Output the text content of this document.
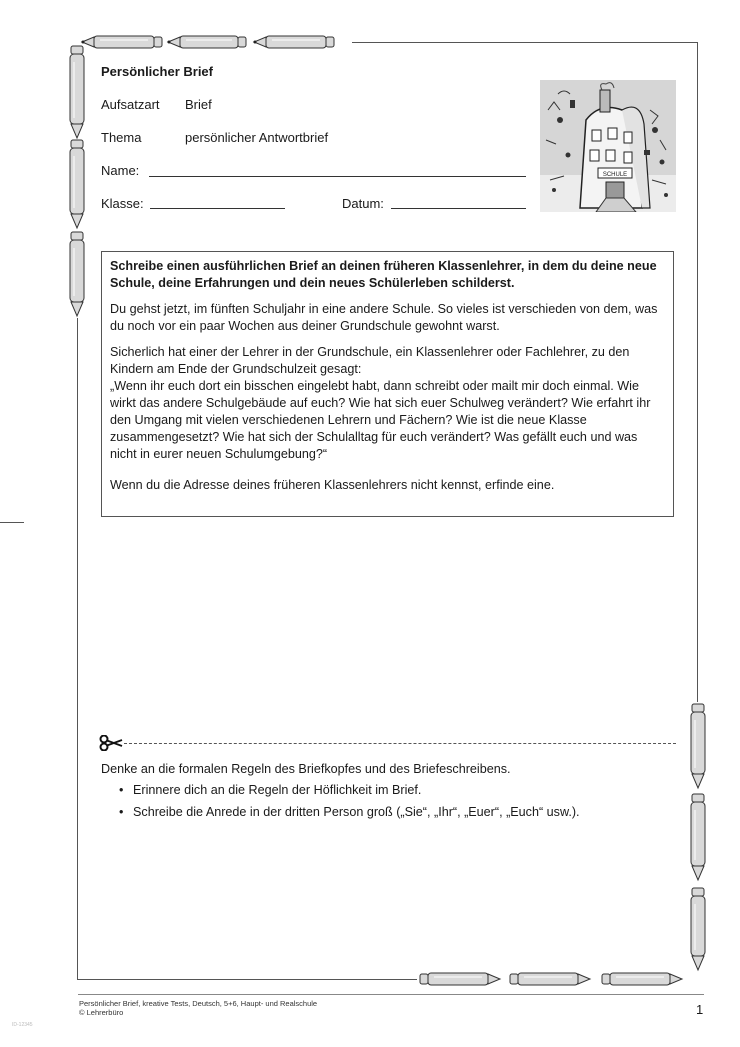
Persönlicher Brief
Aufsatzart Brief
Thema	persönlicher Antwortbrief
Name:
Klasse:	Datum:
SCHULE

Schreibe einen ausführlichen Brief an deinen früheren Klassenlehrer, in dem du deine neue Schule, deine Erfahrungen und dein neues Schülerleben schilderst.

Du gehst jetzt, im fünften Schuljahr in eine andere Schule. So vieles ist verschieden von dem, was du noch vor ein paar Wochen aus deiner Grundschule gewohnt warst.

Sicherlich hat einer der Lehrer in der Grundschule, ein Klassenlehrer oder Fachlehrer, zu den Kindern am Ende der Grundschulzeit gesagt:

„Wenn ihr euch dort ein bisschen eingelebt habt, dann schreibt oder mailt mir doch einmal. Wie wirkt das andere Schulgebäude auf euch? Wie hat sich euer Schulweg verändert? Wie erfahrt ihr den Umgang mit vielen verschiedenen Lehrern und Fächern? Wie ist die neue Klasse zusammengesetzt? Wie hat sich der Schulalltag für euch verändert? Was gefällt euch und was nicht in eurer neuen Schulumgebung?“

Wenn du die Adresse deines früheren Klassenlehrers nicht kennst, erfinde eine.

Denke an die formalen Regeln des Briefkopfes und des Briefeschreibens.
• Erinnere dich an die Regeln der Höflichkeit im Brief.
• Schreibe die Anrede in der dritten Person groß („Sie“, „Ihr“, „Euer“, „Euch“ usw.).
Persönlicher Brief, kreative Tests, Deutsch, 5+6, Haupt- und Realschule
© Lehrerbüro	1
ID-12345
